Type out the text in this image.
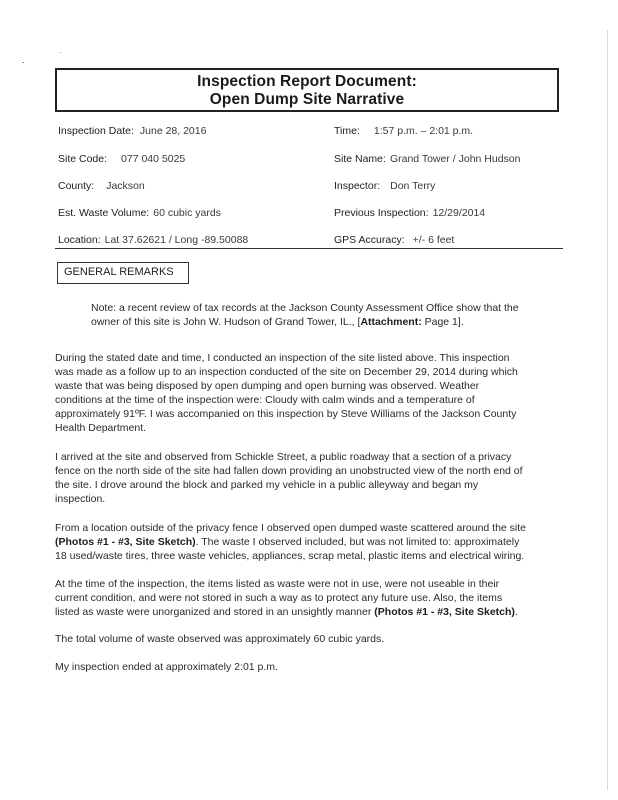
Inspection Report Document:
Open Dump Site Narrative
Inspection Date: June 28, 2016	Time: 1:57 p.m. – 2:01 p.m.
Site Code: 077 040 5025	Site Name: Grand Tower / John Hudson
County: Jackson	Inspector: Don Terry
Est. Waste Volume: 60 cubic yards	Previous Inspection: 12/29/2014
Location: Lat 37.62621 / Long -89.50088	GPS Accuracy: +/- 6 feet
GENERAL REMARKS

Note: a recent review of tax records at the Jackson County Assessment Office show that the

owner of this site is John W. Hudson of Grand Tower, IL., [Attachment: Page 1].

During the stated date and time, I conducted an inspection of the site listed above. This inspection

was made as a follow up to an inspection conducted of the site on December 29, 2014 during which

waste that was being disposed by open dumping and open burning was observed. Weather

conditions at the time of the inspection were: Cloudy with calm winds and a temperature of

approximately 91ºF. I was accompanied on this inspection by Steve Williams of the Jackson County

Health Department.

I arrived at the site and observed from Schickle Street, a public roadway that a section of a privacy

fence on the north side of the site had fallen down providing an unobstructed view of the north end of

the site. I drove around the block and parked my vehicle in a public alleyway and began my

inspection.

From a location outside of the privacy fence I observed open dumped waste scattered around the site

(Photos #1 - #3, Site Sketch). The waste I observed included, but was not limited to: approximately

18 used/waste tires, three waste vehicles, appliances, scrap metal, plastic items and electrical wiring.

At the time of the inspection, the items listed as waste were not in use, were not useable in their

current condition, and were not stored in such a way as to protect any future use. Also, the items

listed as waste were unorganized and stored in an unsightly manner (Photos #1 - #3, Site Sketch).

The total volume of waste observed was approximately 60 cubic yards.

My inspection ended at approximately 2:01 p.m.
